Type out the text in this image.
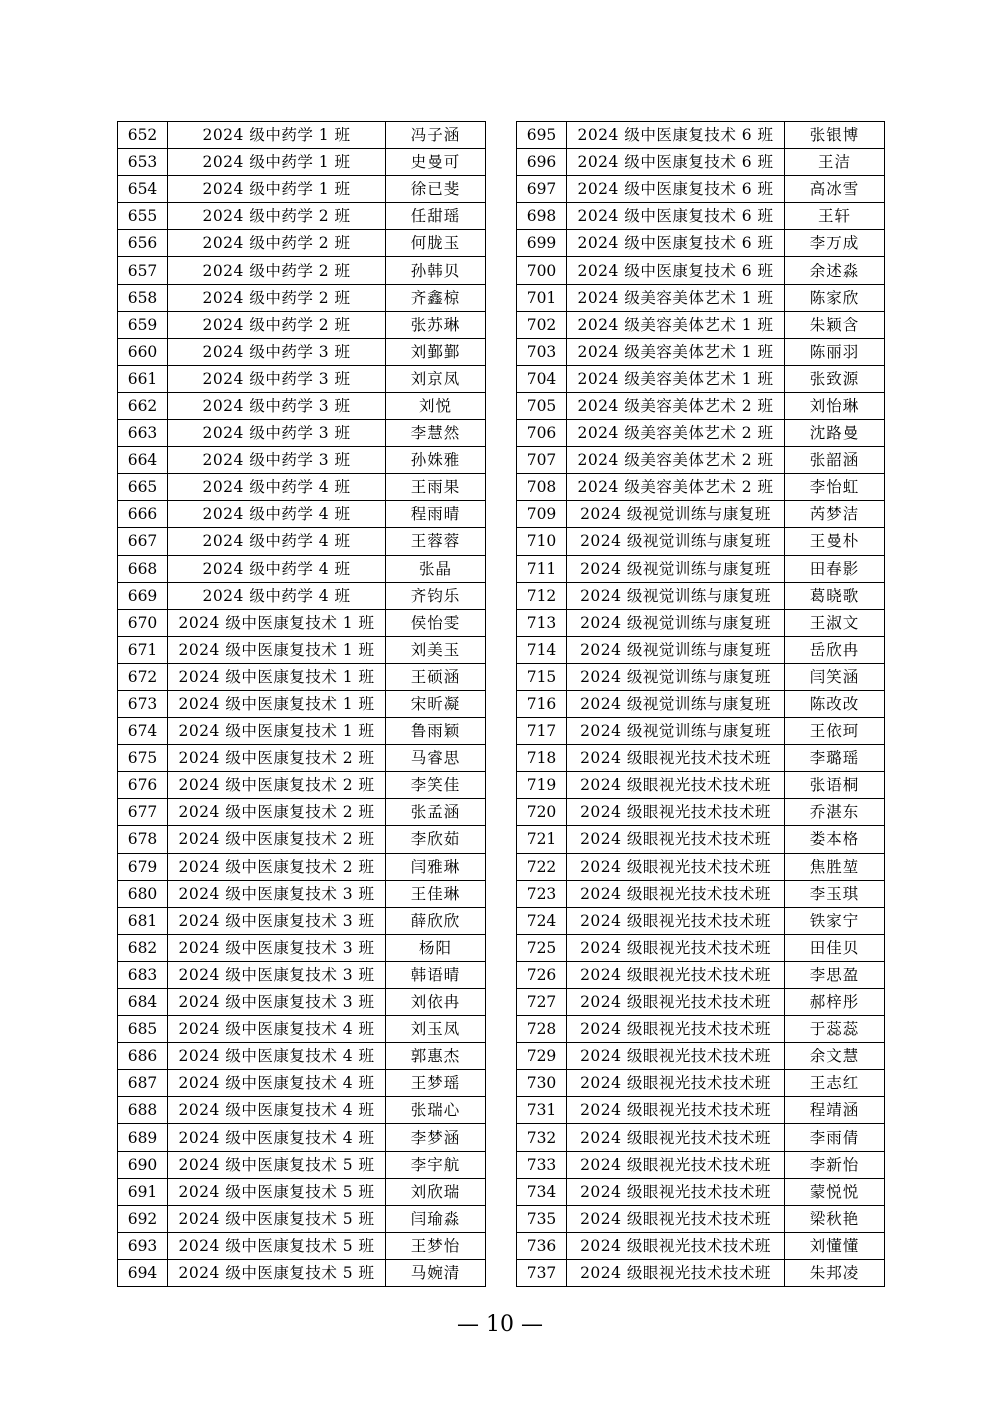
652	2024 级中药学 1 班	冯子涵
653	2024 级中药学 1 班	史曼可
654	2024 级中药学 1 班	徐已斐
655	2024 级中药学 2 班	任甜瑶
656	2024 级中药学 2 班	何胧玉
657	2024 级中药学 2 班	孙韩贝
658	2024 级中药学 2 班	齐鑫椋
659	2024 级中药学 2 班	张苏琳
660	2024 级中药学 3 班	刘鄞鄞
661	2024 级中药学 3 班	刘京凤
662	2024 级中药学 3 班	刘悦
663	2024 级中药学 3 班	李慧然
664	2024 级中药学 3 班	孙姝雅
665	2024 级中药学 4 班	王雨果
666	2024 级中药学 4 班	程雨晴
667	2024 级中药学 4 班	王蓉蓉
668	2024 级中药学 4 班	张晶
669	2024 级中药学 4 班	齐钧乐
670	2024 级中医康复技术 1 班	侯怡雯
671	2024 级中医康复技术 1 班	刘美玉
672	2024 级中医康复技术 1 班	王硕涵
673	2024 级中医康复技术 1 班	宋昕凝
674	2024 级中医康复技术 1 班	鲁雨颖
675	2024 级中医康复技术 2 班	马睿思
676	2024 级中医康复技术 2 班	李笑佳
677	2024 级中医康复技术 2 班	张孟涵
678	2024 级中医康复技术 2 班	李欣茹
679	2024 级中医康复技术 2 班	闫雅琳
680	2024 级中医康复技术 3 班	王佳琳
681	2024 级中医康复技术 3 班	薛欣欣
682	2024 级中医康复技术 3 班	杨阳
683	2024 级中医康复技术 3 班	韩语晴
684	2024 级中医康复技术 3 班	刘依冉
685	2024 级中医康复技术 4 班	刘玉凤
686	2024 级中医康复技术 4 班	郭惠杰
687	2024 级中医康复技术 4 班	王梦瑶
688	2024 级中医康复技术 4 班	张瑞心
689	2024 级中医康复技术 4 班	李梦涵
690	2024 级中医康复技术 5 班	李宇航
691	2024 级中医康复技术 5 班	刘欣瑞
692	2024 级中医康复技术 5 班	闫瑜淼
693	2024 级中医康复技术 5 班	王梦怡
694	2024 级中医康复技术 5 班	马婉清
695	2024 级中医康复技术 6 班	张银博
696	2024 级中医康复技术 6 班	王洁
697	2024 级中医康复技术 6 班	高冰雪
698	2024 级中医康复技术 6 班	王轩
699	2024 级中医康复技术 6 班	李万成
700	2024 级中医康复技术 6 班	余述淼
701	2024 级美容美体艺术 1 班	陈家欣
702	2024 级美容美体艺术 1 班	朱颖含
703	2024 级美容美体艺术 1 班	陈丽羽
704	2024 级美容美体艺术 1 班	张致源
705	2024 级美容美体艺术 2 班	刘怡琳
706	2024 级美容美体艺术 2 班	沈路曼
707	2024 级美容美体艺术 2 班	张韶涵
708	2024 级美容美体艺术 2 班	李怡虹
709	2024 级视觉训练与康复班	芮梦洁
710	2024 级视觉训练与康复班	王曼朴
711	2024 级视觉训练与康复班	田春影
712	2024 级视觉训练与康复班	葛晓歌
713	2024 级视觉训练与康复班	王淑文
714	2024 级视觉训练与康复班	岳欣冉
715	2024 级视觉训练与康复班	闫笑涵
716	2024 级视觉训练与康复班	陈改改
717	2024 级视觉训练与康复班	王依珂
718	2024 级眼视光技术技术班	李璐瑶
719	2024 级眼视光技术技术班	张语桐
720	2024 级眼视光技术技术班	乔湛东
721	2024 级眼视光技术技术班	娄本格
722	2024 级眼视光技术技术班	焦胜堃
723	2024 级眼视光技术技术班	李玉琪
724	2024 级眼视光技术技术班	铁家宁
725	2024 级眼视光技术技术班	田佳贝
726	2024 级眼视光技术技术班	李思盈
727	2024 级眼视光技术技术班	郝梓彤
728	2024 级眼视光技术技术班	于蕊蕊
729	2024 级眼视光技术技术班	余文慧
730	2024 级眼视光技术技术班	王志红
731	2024 级眼视光技术技术班	程靖涵
732	2024 级眼视光技术技术班	李雨倩
733	2024 级眼视光技术技术班	李新怡
734	2024 级眼视光技术技术班	蒙悦悦
735	2024 级眼视光技术技术班	梁秋艳
736	2024 级眼视光技术技术班	刘懂懂
737	2024 级眼视光技术技术班	朱邦凌
— 10 —
